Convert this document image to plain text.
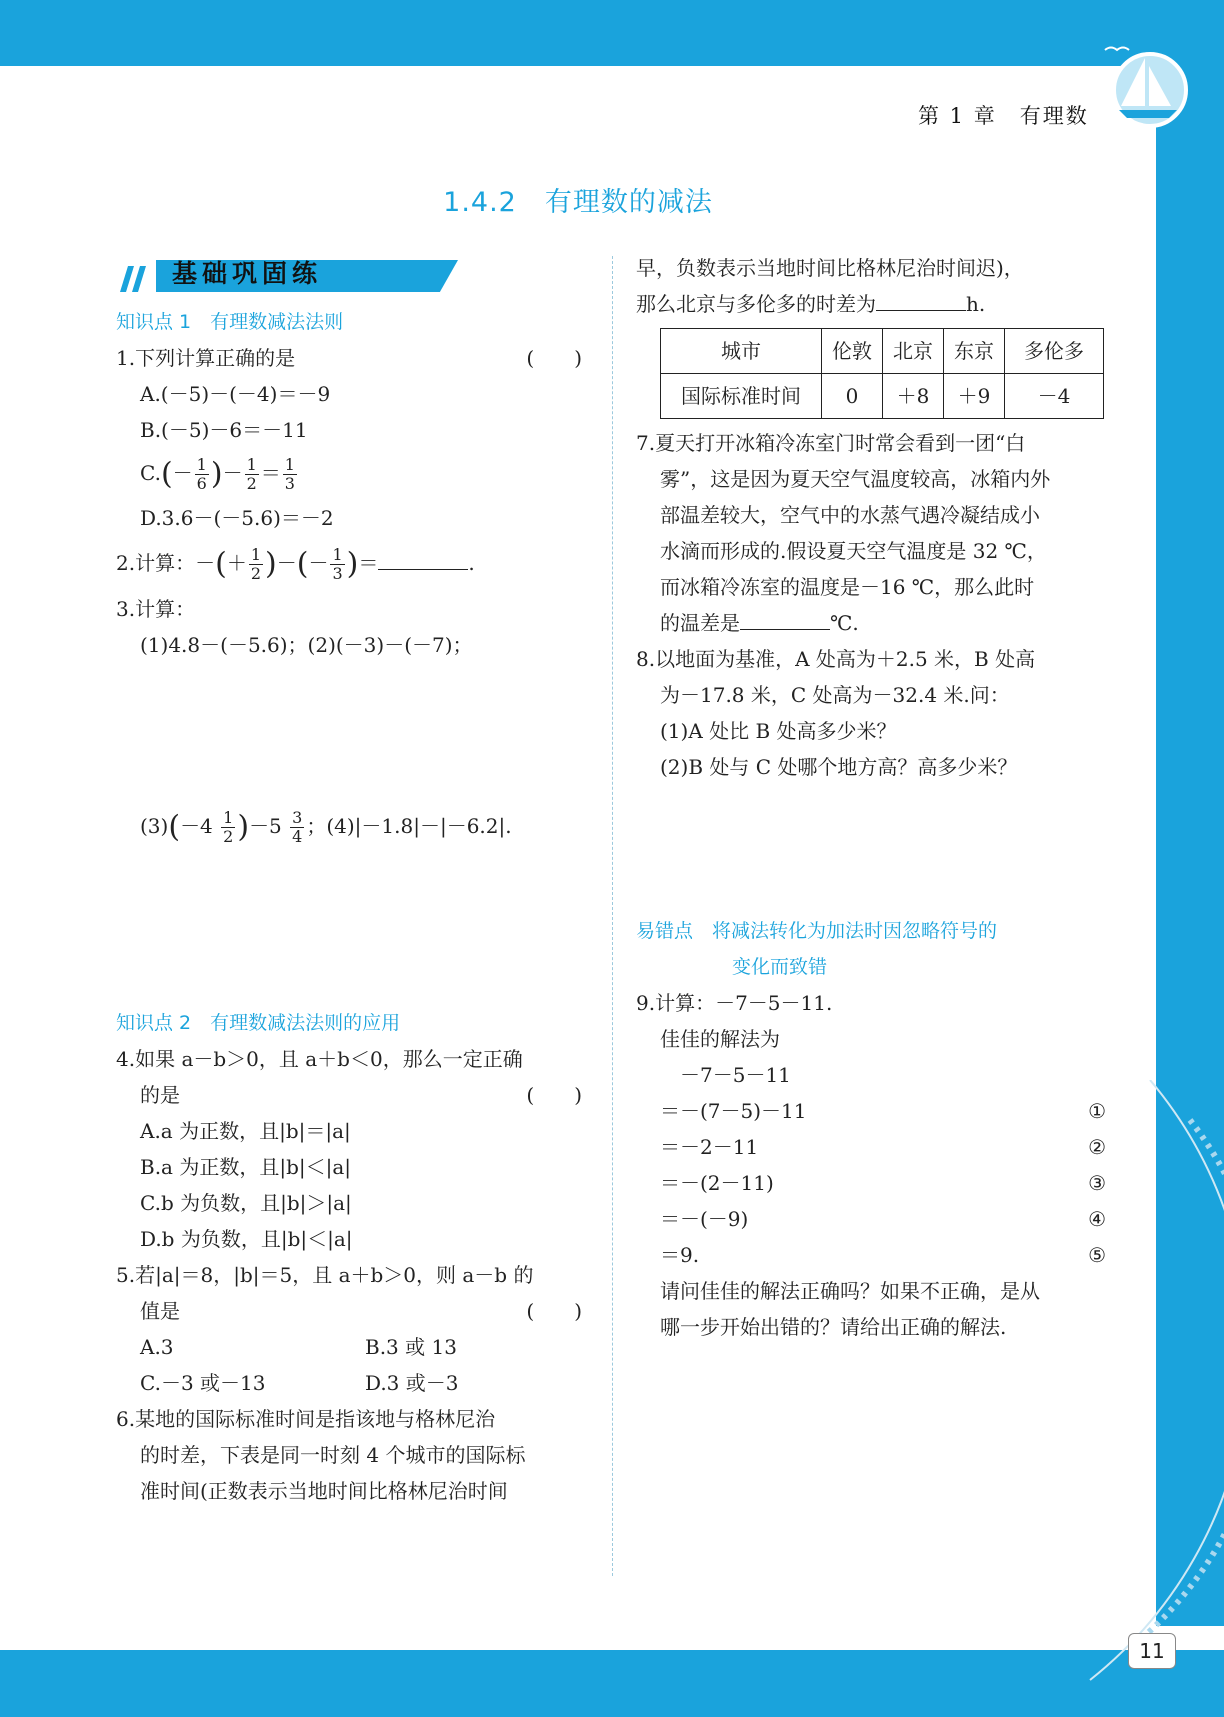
第 1 章　有理数
1.4.2　有理数的减法
基础巩固练
知识点 1　有理数减法法则
1.下列计算正确的是	(　　)
A.(－5)－(－4)＝－9
B.(－5)－6＝－11
$C.(- \frac{1}{6}$ )－ $\frac{1}{2} = \frac{1}{3}$
D.3.6－(－5.6)＝－2
2.计算：－(＋ $\frac{1}{2}$ )－(－ $\frac{1}{3}$ )＝	.
3.计算：
(1)4.8－(－5.6)；(2)(－3)－(－7)；
$(3)(-4 \frac{1}{2} )-5 \frac{3}{4}$ ；(4)|－1.8|－|－6.2|.
知识点 2　有理数减法法则的应用
4.如果 a－b＞0，且 a＋b＜0，那么一定正确
的是	(　　)
A.a 为正数，且|b|＝|a|
B.a 为正数，且|b|＜|a|
C.b 为负数，且|b|＞|a|
D.b 为负数，且|b|＜|a|
5.若|a|＝8，|b|＝5，且 a＋b＞0，则 a－b 的
值是	(　　)
A.3	B.3 或 13
C.－3 或－13	D.3 或－3
6.某地的国际标准时间是指该地与格林尼治
的时差，下表是同一时刻 4 个城市的国际标
准时间(正数表示当地时间比格林尼治时间
早，负数表示当地时间比格林尼治时间迟)，
那么北京与多伦多的时差为	h.
城市	伦敦	北京	东京	多伦多
国际标准时间	0	＋8	＋9	－4
7.夏天打开冰箱冷冻室门时常会看到一团“白
雾”，这是因为夏天空气温度较高，冰箱内外
部温差较大，空气中的水蒸气遇冷凝结成小
水滴而形成的.假设夏天空气温度是 32 ℃，
而冰箱冷冻室的温度是－16 ℃，那么此时
的温差是	℃.
8.以地面为基准，A 处高为＋2.5 米，B 处高
为－17.8 米，C 处高为－32.4 米.问：
(1)A 处比 B 处高多少米？
(2)B 处与 C 处哪个地方高？高多少米？
易错点　将减法转化为加法时因忽略符号的
变化而致错
9.计算：－7－5－11.
佳佳的解法为
　－7－5－11
＝－(7－5)－11	①
＝－2－11	②
＝－(2－11)	③
＝－(－9)	④
＝9.	⑤
请问佳佳的解法正确吗？如果不正确，是从
哪一步开始出错的？请给出正确的解法.
11
